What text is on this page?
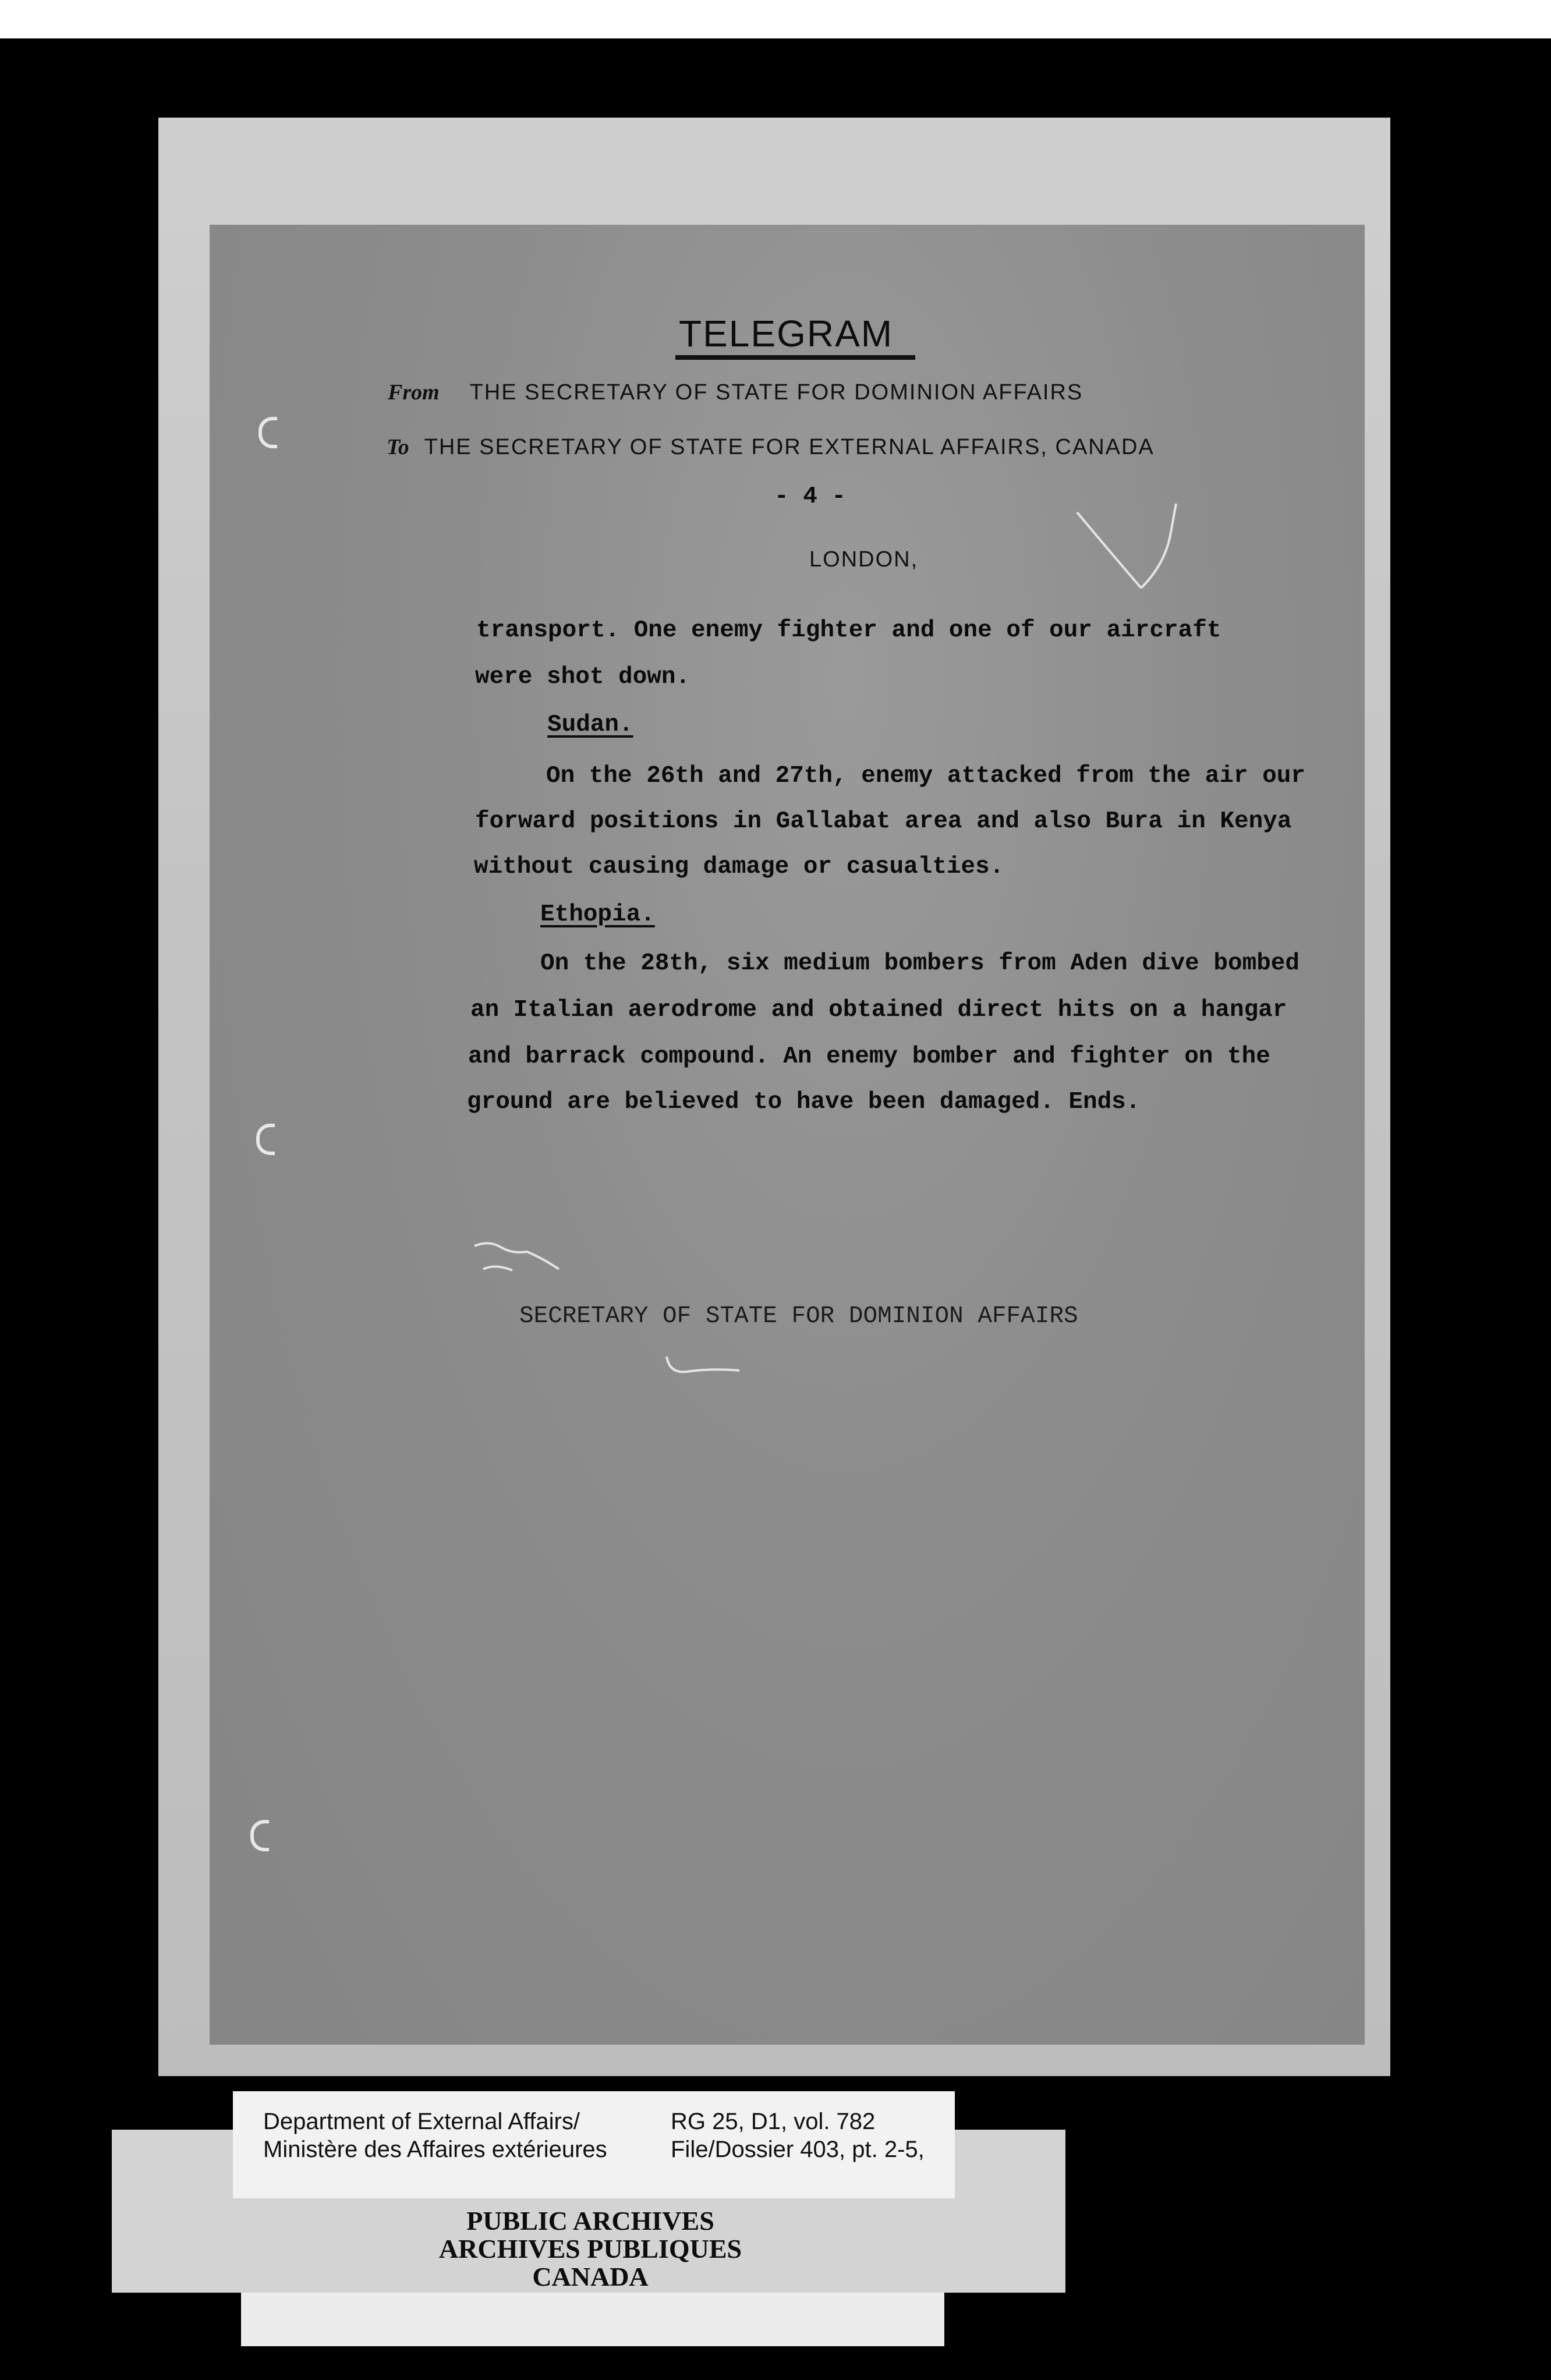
TELEGRAM
From THE SECRETARY OF STATE FOR DOMINION AFFAIRS
To THE SECRETARY OF STATE FOR EXTERNAL AFFAIRS, CANADA
- 4 -
LONDON,
transport. One enemy fighter and one of our aircraft
were shot down.
Sudan.
On the 26th and 27th, enemy attacked from the air our
forward positions in Gallabat area and also Bura in Kenya
without causing damage or casualties.
Ethopia.
On the 28th, six medium bombers from Aden dive bombed
an Italian aerodrome and obtained direct hits on a hangar
and barrack compound. An enemy bomber and fighter on the
ground are believed to have been damaged. Ends.
SECRETARY OF STATE FOR DOMINION AFFAIRS
Department of External Affairs/
Ministère des Affaires extérieures
RG 25, D1, vol. 782
File/Dossier 403, pt. 2-5,
PUBLIC ARCHIVES
ARCHIVES PUBLIQUES
CANADA
